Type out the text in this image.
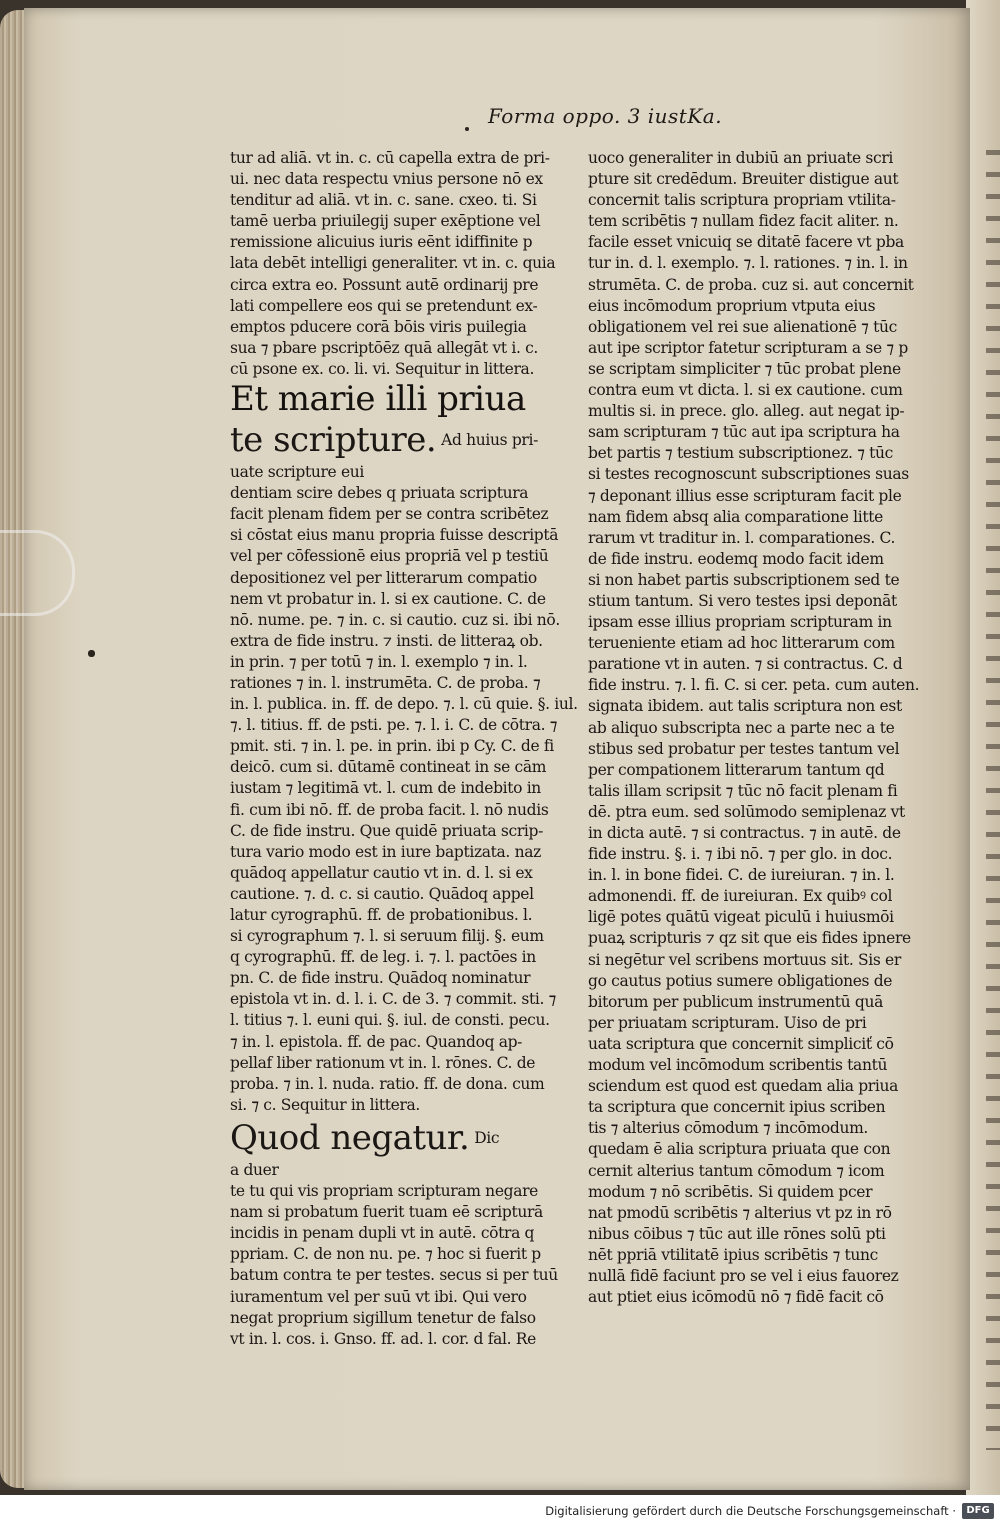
Forma oppo. 3 iustKa.
tur ad aliā. vt in. c. cū capella extra de pri-
ui. nec data respectu vnius persone nō ex
tenditur ad aliā. vt in. c. sane. cxeo. ti. Si
tamē uerba priuilegij super exēptione vel
remissione alicuius iuris eēnt idiffinite p
lata debēt intelligi generaliter. vt in. c. quia
circa extra eo. Possunt autē ordinarij pre
lati compellere eos qui se pretendunt ex-
emptos pducere corā bōis viris puilegia
sua ⁊ pbare pscriptōēz quā allegāt vt i. c.
cū psone ex. co. li. vi. Sequitur in littera.
Et marie illi priua
te scripture. Ad huius pri-
uate scripture eui
dentiam scire debes q priuata scriptura
facit plenam fidem per se contra scribētez
si cōstat eius manu propria fuisse descriptā
vel per cōfessionē eius propriā vel p testiū
depositionez vel per litterarum compatio
nem vt probatur in. l. si ex cautione. C. de
nō. nume. pe. ⁊ in. c. si cautio. cuz si. ibi nō.
extra de fide instru. ⁊ insti. de litteraꝝ ob.
in prin. ⁊ per totū ⁊ in. l. exemplo ⁊ in. l.
rationes ⁊ in. l. instrumēta. C. de proba. ⁊
in. l. publica. in. ff. de depo. ⁊. l. cū quie. §. iul.
⁊. l. titius. ff. de psti. pe. ⁊. l. i. C. de cōtra. ⁊
pmit. sti. ⁊ in. l. pe. in prin. ibi p Cy. C. de fi
deicō. cum si. dūtamē contineat in se cām
iustam ⁊ legitimā vt. l. cum de indebito in
fi. cum ibi nō. ff. de proba facit. l. nō nudis
C. de fide instru. Que quidē priuata scrip-
tura vario modo est in iure baptizata. naz
quādoq appellatur cautio vt in. d. l. si ex
cautione. ⁊. d. c. si cautio. Quādoq appel
latur cyrographū. ff. de probationibus. l.
si cyrographum ⁊. l. si seruum filij. §. eum
q cyrographū. ff. de leg. i. ⁊. l. pactōes in
pn. C. de fide instru. Quādoq nominatur
epistola vt in. d. l. i. C. de 3. ⁊ commit. sti. ⁊
l. titius ⁊. l. euni qui. §. iul. de consti. pecu.
⁊ in. l. epistola. ff. de pac. Quandoq ap-
pellaf liber rationum vt in. l. rōnes. C. de
proba. ⁊ in. l. nuda. ratio. ff. de dona. cum
si. ⁊ c. Sequitur in littera.
Quod negatur. Dic
a duer
te tu qui vis propriam scripturam negare
nam si probatum fuerit tuam eē scripturā
incidis in penam dupli vt in autē. cōtra q
ppriam. C. de non nu. pe. ⁊ hoc si fuerit p
batum contra te per testes. secus si per tuū
iuramentum vel per suū vt ibi. Qui vero
negat proprium sigillum tenetur de falso
vt in. l. cos. i. Gnso. ff. ad. l. cor. d fal. Re
uoco generaliter in dubiū an priuate scri
pture sit credēdum. Breuiter distigue aut
concernit talis scriptura propriam vtilita-
tem scribētis ⁊ nullam fidez facit aliter. n.
facile esset vnicuiq se ditatē facere vt pba
tur in. d. l. exemplo. ⁊. l. rationes. ⁊ in. l. in
strumēta. C. de proba. cuz si. aut concernit
eius incōmodum proprium vtputa eius
obligationem vel rei sue alienationē ⁊ tūc
aut ipe scriptor fatetur scripturam a se ⁊ p
se scriptam simpliciter ⁊ tūc probat plene
contra eum vt dicta. l. si ex cautione. cum
multis si. in prece. glo. alleg. aut negat ip-
sam scripturam ⁊ tūc aut ipa scriptura ha
bet partis ⁊ testium subscriptionez. ⁊ tūc
si testes recognoscunt subscriptiones suas
⁊ deponant illius esse scripturam facit ple
nam fidem absq alia comparatione litte
rarum vt traditur in. l. comparationes. C.
de fide instru. eodemq modo facit idem
si non habet partis subscriptionem sed te
stium tantum. Si vero testes ipsi deponāt
ipsam esse illius propriam scripturam in
teruenientе etiam ad hoc litterarum com
paratione vt in auten. ⁊ si contractus. C. d
fide instru. ⁊. l. fi. C. si cer. peta. cum auten.
signata ibidem. aut talis scriptura non est
ab aliquo subscripta nec a parte nec a te
stibus sed probatur per testes tantum vel
per compationem litterarum tantum qd
talis illam scripsit ⁊ tūc nō facit plenam fi
dē. ptra eum. sed solūmodo semiplenaz vt
in dicta autē. ⁊ si contractus. ⁊ in autē. de
fide instru. §. i. ⁊ ibi nō. ⁊ per glo. in doc.
in. l. in bone fidei. C. de iureiuran. ⁊ in. l.
admonendi. ff. de iureiuran. Ex quibꝰ col
ligē potes quātū vigeat piculū i huiusmōi
puaꝝ scripturis ⁊ qz sit que eis fides ipnere
si negētur vel scribens mortuus sit. Sis er
go cautus potius sumere obligationes de
bitorum per publicum instrumentū quā
per priuatam scripturam. Uiso de pri
uata scriptura que concernit simpliciť cō
modum vel incōmodum scribentis tantū
sciendum est quod est quedam alia priua
ta scriptura que concernit ipius scriben
tis ⁊ alterius cōmodum ⁊ incōmodum.
quedam ē alia scriptura priuata que con
cernit alterius tantum cōmodum ⁊ icom
modum ⁊ nō scribētis. Si quidem pcer
nat pmodū scribētis ⁊ alterius vt pz in rō
nibus cōibus ⁊ tūc aut ille rōnes solū pti
nēt ppriā vtilitatē ipius scribētis ⁊ tunc
nullā fidē faciunt pro se vel i eius fauorez
aut ptiet eius icōmodū nō ⁊ fidē facit cō
Digitalisierung gefördert durch die Deutsche Forschungsgemeinschaft ·	DFG
